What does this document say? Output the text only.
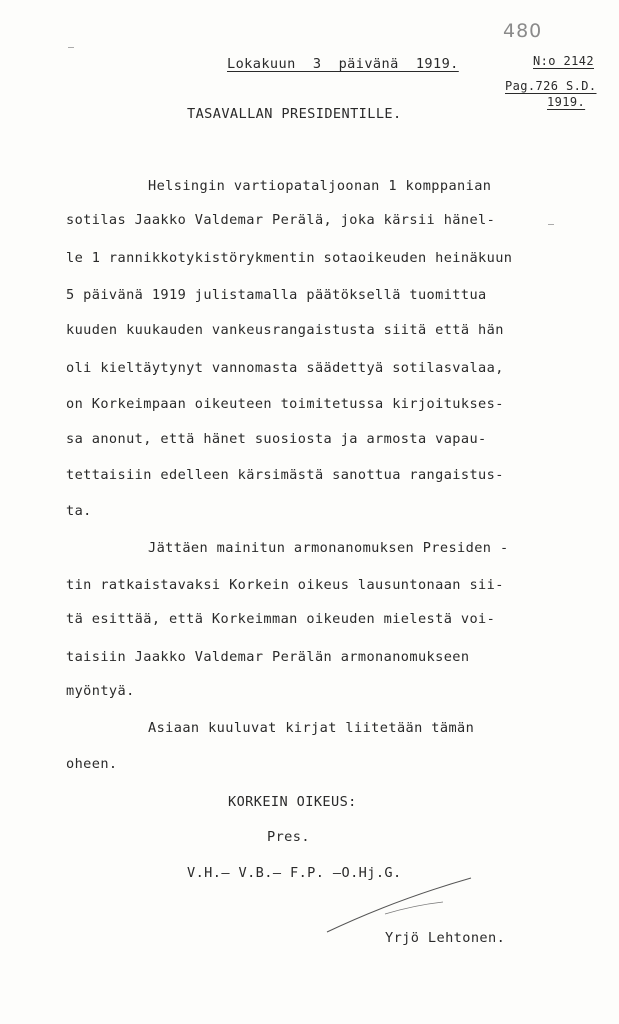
480
N:o 2142
Pag.726 S.D.
1919.
Lokakuun  3  päivänä  1919.
TASAVALLAN PRESIDENTILLE.
Helsingin vartiopataljoonan 1 komppanian
sotilas Jaakko Valdemar Perälä, joka kärsii hänel-
le 1 rannikkotykistörykmentin sotaoikeuden heinäkuun
5 päivänä 1919 julistamalla päätöksellä tuomittua
kuuden kuukauden vankeusrangaistusta siitä että hän
oli kieltäytynyt vannomasta säädettyä sotilasvalaa,
on Korkeimpaan oikeuteen toimitetussa kirjoitukses-
sa anonut, että hänet suosiosta ja armosta vapau-
tettaisiin edelleen kärsimästä sanottua rangaistus-
ta.
Jättäen mainitun armonanomuksen Presiden -
tin ratkaistavaksi Korkein oikeus lausuntonaan sii-
tä esittää, että Korkeimman oikeuden mielestä voi-
taisiin Jaakko Valdemar Perälän armonanomukseen
myöntyä.
Asiaan kuuluvat kirjat liitetään tämän
oheen.
KORKEIN OIKEUS:
Pres.
V.H.— V.B.— F.P. —O.Hj.G.
Yrjö Lehtonen.
